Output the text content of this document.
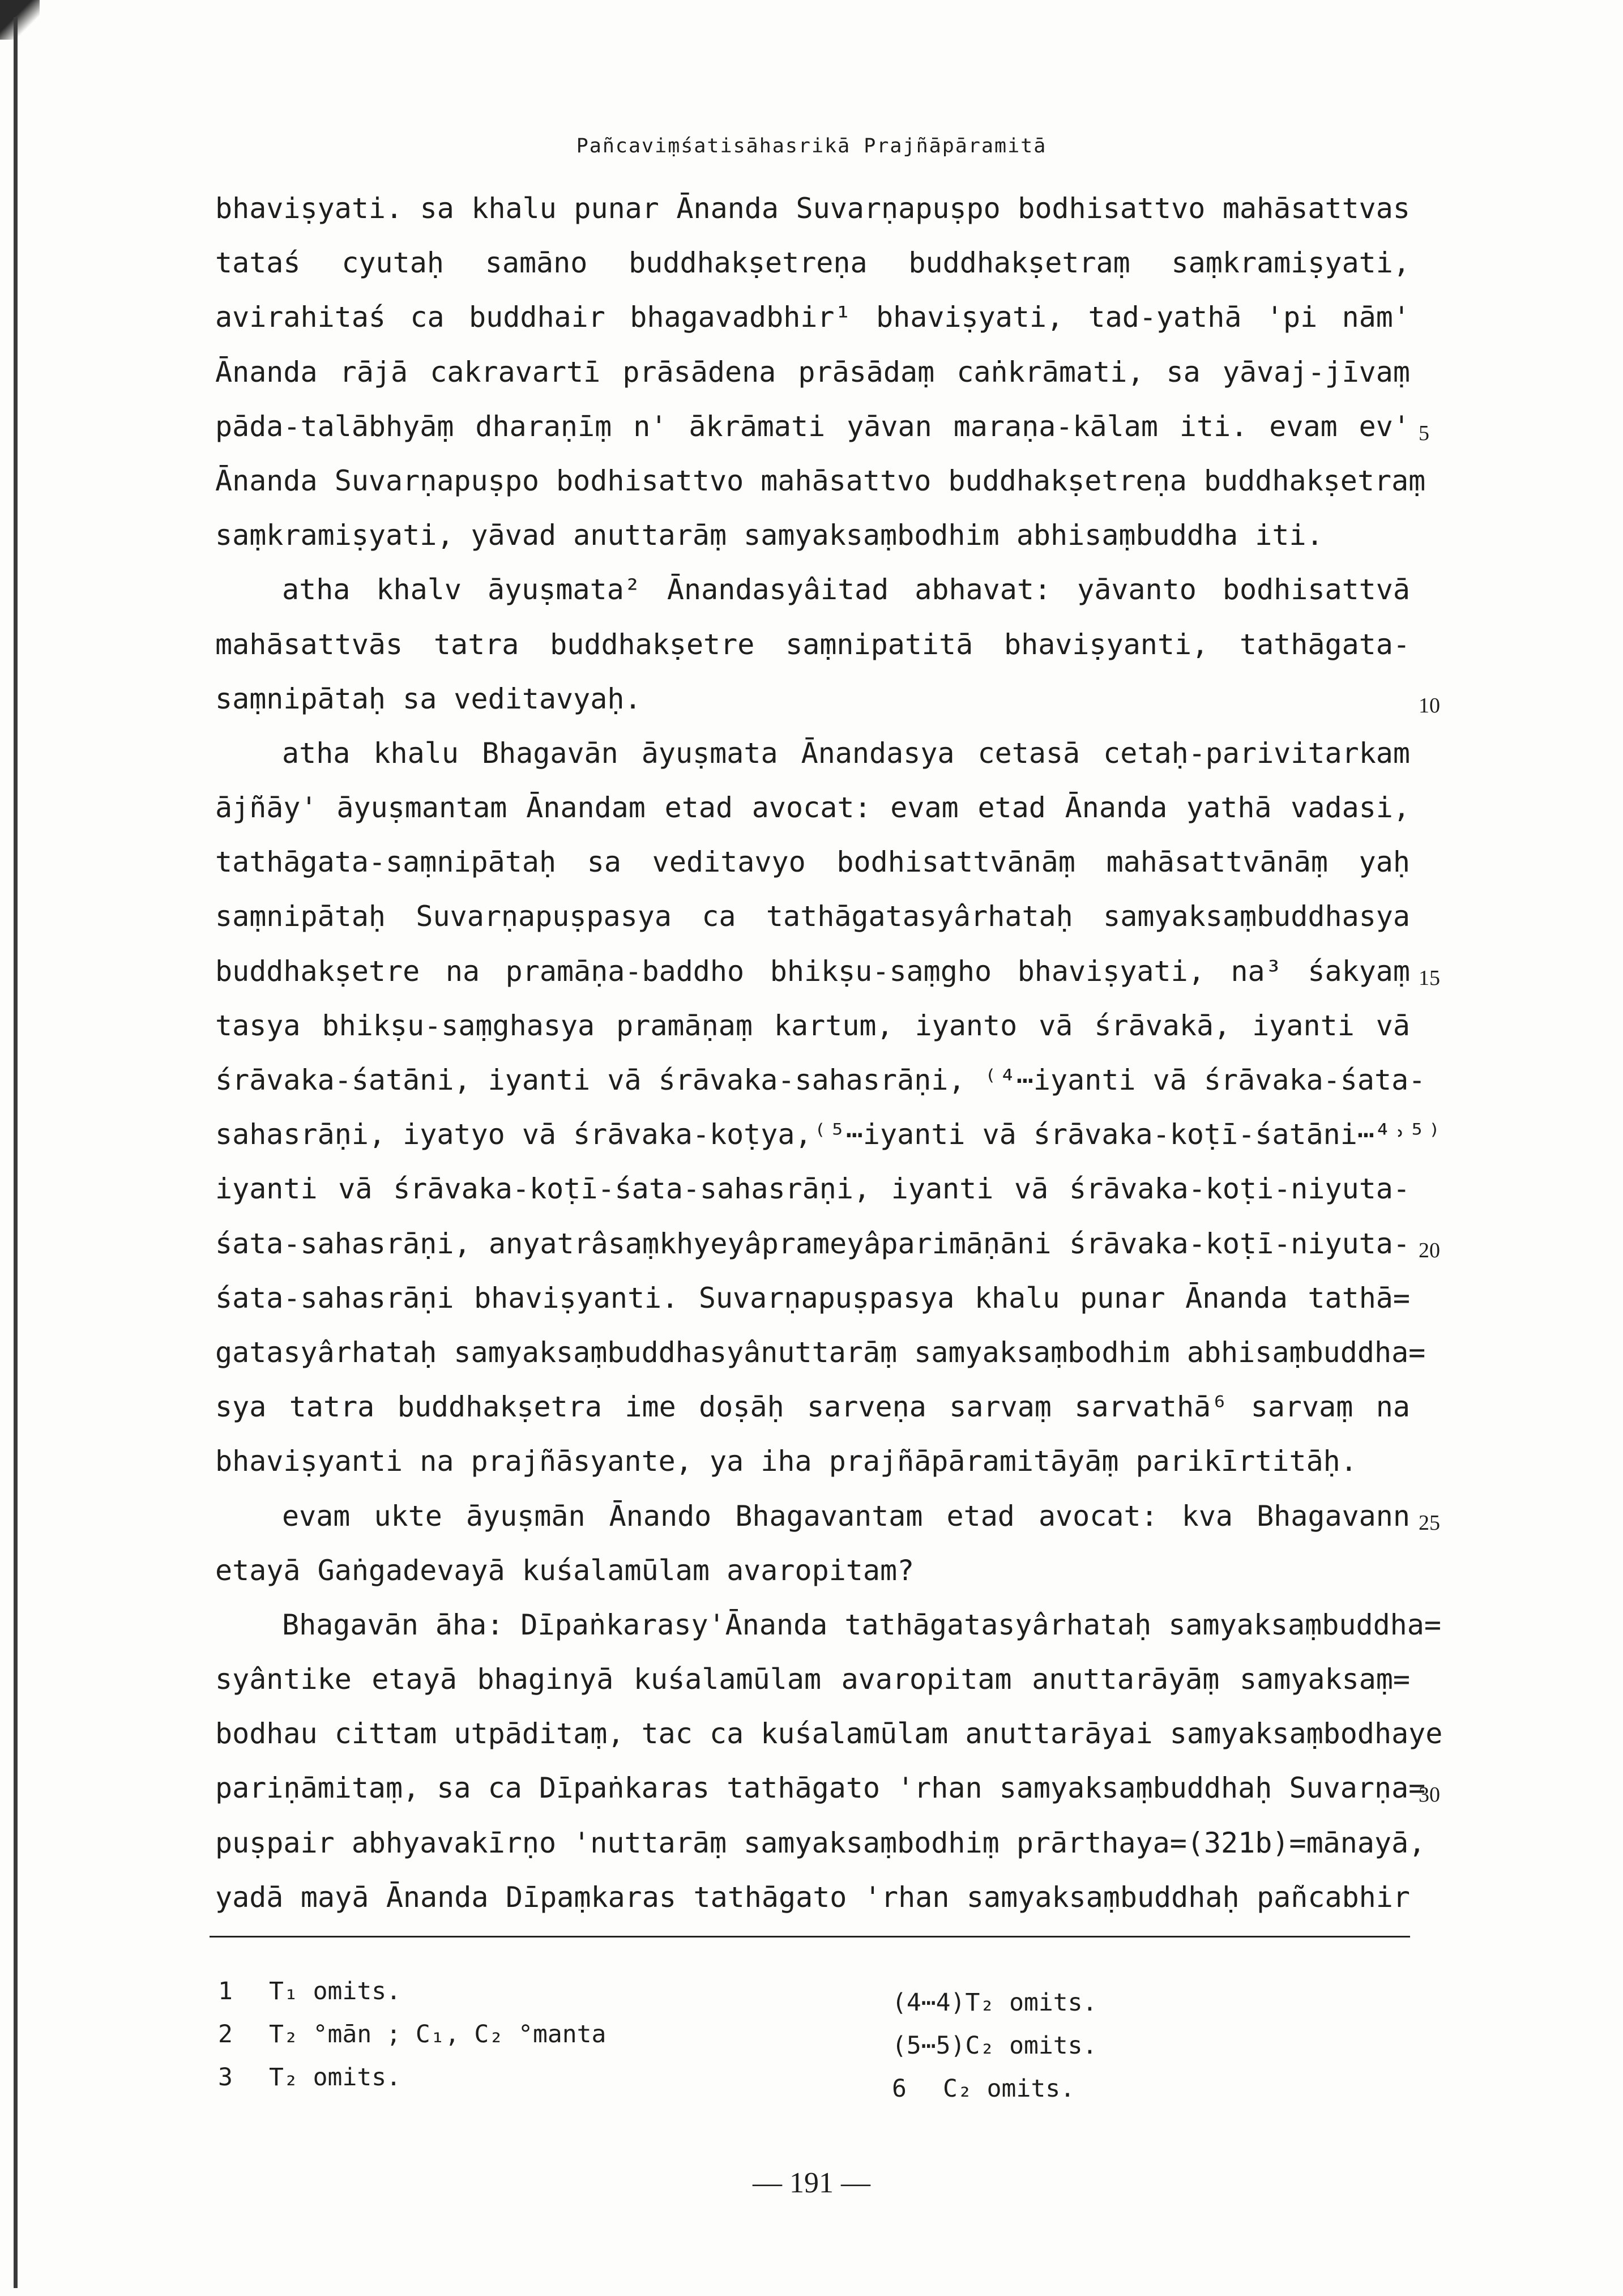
Pañcaviṃśatisāhasrikā Prajñāpāramitā
bhaviṣyati. sa khalu punar Ānanda Suvarṇapuṣpo bodhisattvo mahāsattvas
tataś cyutaḥ samāno buddhakṣetreṇa buddhakṣetraṃ saṃkramiṣyati,
avirahitaś ca buddhair bhagavadbhir¹ bhaviṣyati, tad-yathā 'pi nām'
Ānanda rājā cakravartī prāsādena prāsādaṃ caṅkrāmati, sa yāvaj-jīvaṃ
pāda-talābhyāṃ dharaṇīṃ n' ākrāmati yāvan maraṇa-kālam iti. evam ev' 5
Ānanda Suvarṇapuṣpo bodhisattvo mahāsattvo buddhakṣetreṇa buddhakṣetraṃ
saṃkramiṣyati, yāvad anuttarāṃ samyaksaṃbodhim abhisaṃbuddha iti.
atha khalv āyuṣmata² Ānandasyâitad abhavat: yāvanto bodhisattvā
mahāsattvās tatra buddhakṣetre saṃnipatitā bhaviṣyanti, tathāgata-
saṃnipātaḥ sa veditavyaḥ.	10
atha khalu Bhagavān āyuṣmata Ānandasya cetasā cetaḥ-parivitarkam
ājñāy' āyuṣmantam Ānandam etad avocat: evam etad Ānanda yathā vadasi,
tathāgata-saṃnipātaḥ sa veditavyo bodhisattvānāṃ mahāsattvānāṃ yaḥ
saṃnipātaḥ Suvarṇapuṣpasya ca tathāgatasyârhataḥ samyaksaṃbuddhasya
buddhakṣetre na pramāṇa-baddho bhikṣu-saṃgho bhaviṣyati, na³ śakyaṃ 15
tasya bhikṣu-saṃghasya pramāṇaṃ kartum, iyanto vā śrāvakā, iyanti vā
śrāvaka-śatāni, iyanti vā śrāvaka-sahasrāṇi, ⁽⁴⋯iyanti vā śrāvaka-śata-
sahasrāṇi, iyatyo vā śrāvaka-koṭya,⁽⁵⋯iyanti vā śrāvaka-koṭī-śatāni⋯⁴˒⁵⁾
iyanti vā śrāvaka-koṭī-śata-sahasrāṇi, iyanti vā śrāvaka-koṭi-niyuta-
śata-sahasrāṇi, anyatrâsaṃkhyeyâprameyâparimāṇāni śrāvaka-koṭī-niyuta- 20
śata-sahasrāṇi bhaviṣyanti. Suvarṇapuṣpasya khalu punar Ānanda tathā=
gatasyârhataḥ samyaksaṃbuddhasyânuttarāṃ samyaksaṃbodhim abhisaṃbuddha=
sya tatra buddhakṣetra ime doṣāḥ sarveṇa sarvaṃ sarvathā⁶ sarvaṃ na
bhaviṣyanti na prajñāsyante, ya iha prajñāpāramitāyāṃ parikīrtitāḥ.
evam ukte āyuṣmān Ānando Bhagavantam etad avocat: kva Bhagavann 25
etayā Gaṅgadevayā kuśalamūlam avaropitam?
Bhagavān āha: Dīpaṅkarasy'Ānanda tathāgatasyârhataḥ samyaksaṃbuddha=
syântike etayā bhaginyā kuśalamūlam avaropitam anuttarāyāṃ samyaksaṃ=
bodhau cittam utpāditaṃ, tac ca kuśalamūlam anuttarāyai samyaksaṃbodhaye
pariṇāmitaṃ, sa ca Dīpaṅkaras tathāgato 'rhan samyaksaṃbuddhaḥ Suvarṇa=
30
puṣpair abhyavakīrṇo 'nuttarāṃ samyaksaṃbodhiṃ prārthaya=(321b)=mānayā,
yadā mayā Ānanda Dīpaṃkaras tathāgato 'rhan samyaksaṃbuddhaḥ pañcabhir
1 T₁ omits.
2 T₂ °mān ; C₁, C₂ °manta
3 T₂ omits.
(4⋯4)T₂ omits.
(5⋯5)C₂ omits.
6 C₂ omits.
— 191 —
